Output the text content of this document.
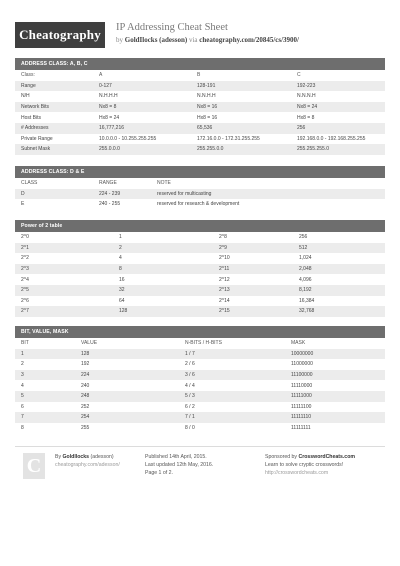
Cheatography	IP Addressing Cheat Sheet
by GoldIlocks (adesson) via cheatography.com/20845/cs/3900/
ADDRESS CLASS: A, B, C
Class:	A	B	C
Range	0-127	128-191	192-223
N/H	N.H.H.H	N.N.H.H	N.N.N.H
Network Bits	Nx8 = 8	Nx8 = 16	Nx8 = 24
Host Bits	Hx8 = 24	Hx8 = 16	Hx8 = 8
# Addresses	16,777,216	65,536	256
Private Range	10.0.0.0 - 10.255.255.255	172.16.0.0 - 172.31.255.255	192.168.0.0 - 192.168.255.255
Subnet Mask	255.0.0.0	255.255.0.0	255.255.255.0
ADDRESS CLASS: D & E
CLASS	RANGE	NOTE
D	224 - 239	reserved for multicasting
E	240 - 255	reserved for research & development
Power of 2 table
2^0	1	2^8	256
2^1	2	2^9	512
2^2	4	2^10	1,024
2^3	8	2^11	2,048
2^4	16	2^12	4,096
2^5	32	2^13	8,192
2^6	64	2^14	16,384
2^7	128	2^15	32,768
BIT, VALUE, MASK
BIT	VALUE	N-BITS / H-BITS	MASK
1	128	1 / 7	10000000
2	192	2 / 6	11000000
3	224	3 / 6	11100000
4	240	4 / 4	11110000
5	248	5 / 3	11111000
6	252	6 / 2	11111100
7	254	7 / 1	11111110
8	255	8 / 0	11111111
C	By GoldIlocks (adesson)
cheatography.com/adesson/
Published 14th April, 2015.
Last updated 12th May, 2016.
Page 1 of 2.
Sponsored by CrosswordCheats.com
Learn to solve cryptic crosswords!
http://crosswordcheats.com
